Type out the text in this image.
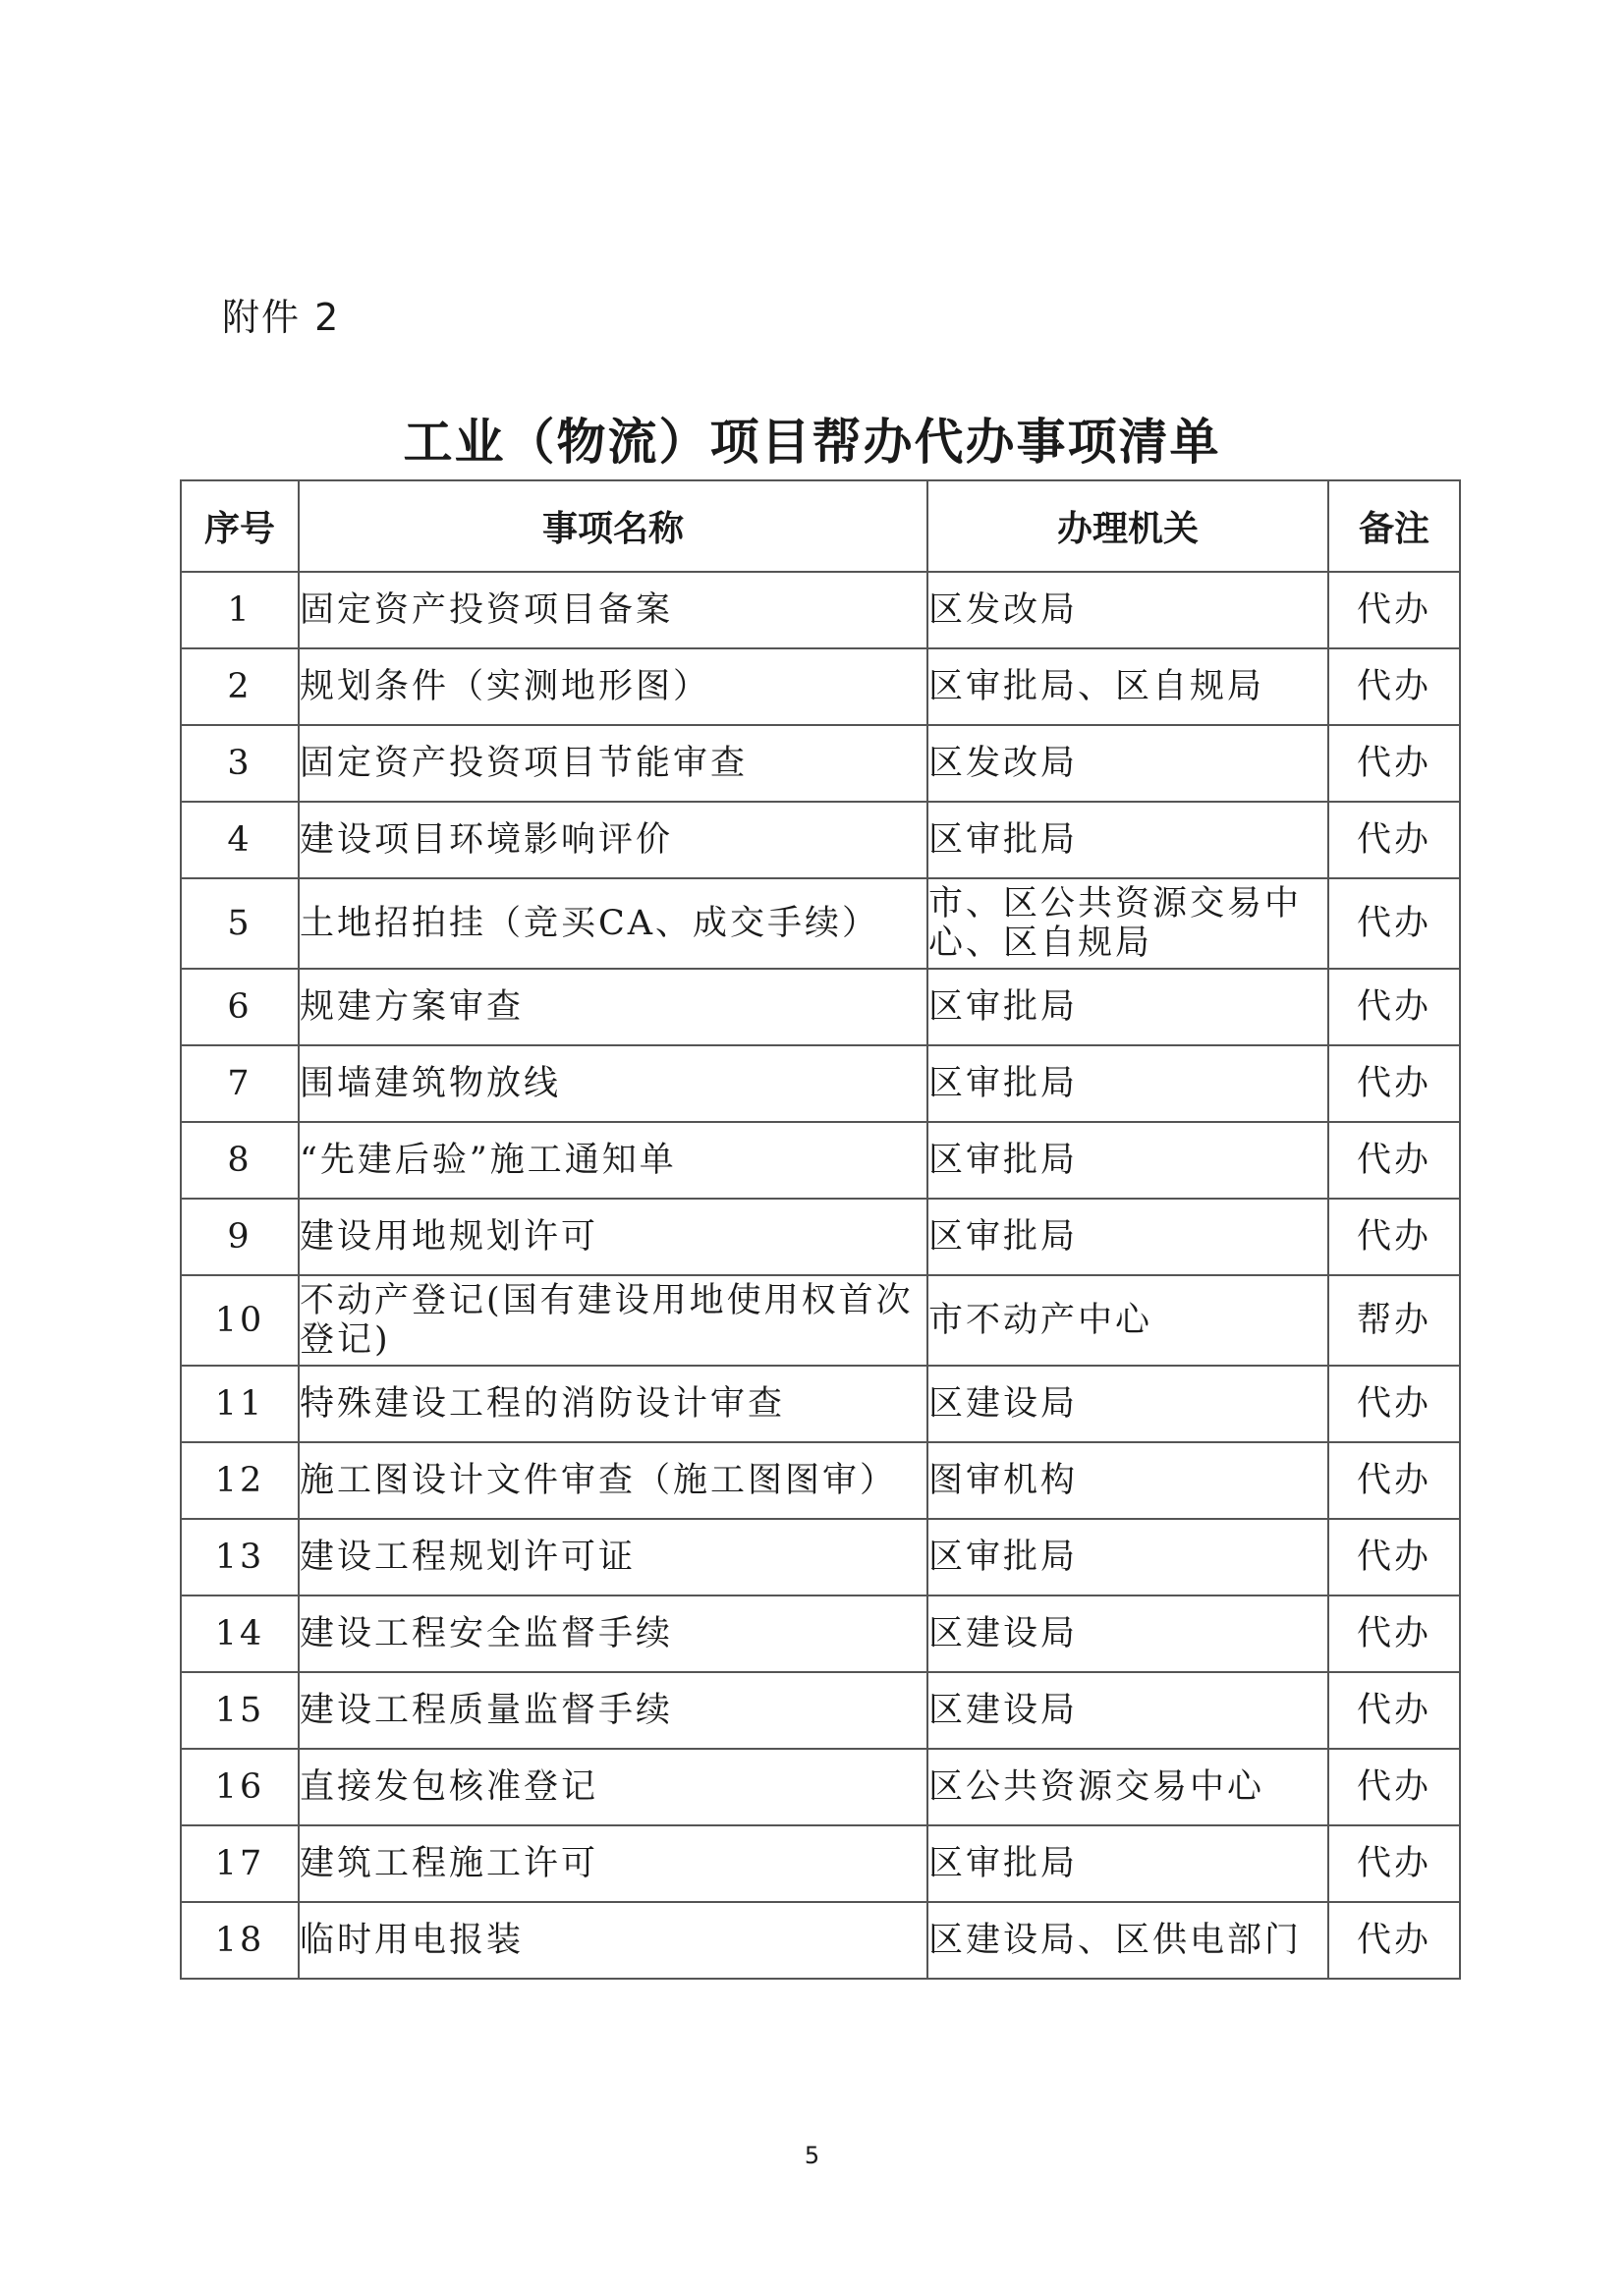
附件 2
工业（物流）项目帮办代办事项清单
序号	事项名称	办理机关	备注
1	固定资产投资项目备案	区发改局	代办
2	规划条件（实测地形图）	区审批局、区自规局	代办
3	固定资产投资项目节能审查	区发改局	代办
4	建设项目环境影响评价	区审批局	代办
5	土地招拍挂（竞买CA、成交手续）	市、区公共资源交易中心、区自规局	代办
6	规建方案审查	区审批局	代办
7	围墙建筑物放线	区审批局	代办
8	“先建后验”施工通知单	区审批局	代办
9	建设用地规划许可	区审批局	代办
10	不动产登记(国有建设用地使用权首次登记)	市不动产中心	帮办
11	特殊建设工程的消防设计审查	区建设局	代办
12	施工图设计文件审查（施工图图审）	图审机构	代办
13	建设工程规划许可证	区审批局	代办
14	建设工程安全监督手续	区建设局	代办
15	建设工程质量监督手续	区建设局	代办
16	直接发包核准登记	区公共资源交易中心	代办
17	建筑工程施工许可	区审批局	代办
18	临时用电报装	区建设局、区供电部门	代办
5
